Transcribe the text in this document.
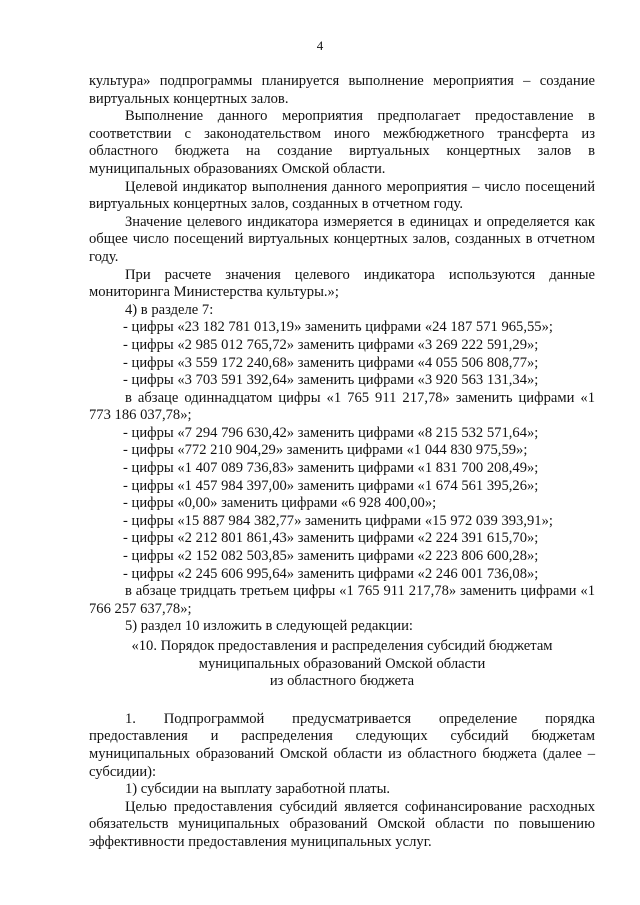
4

культура» подпрограммы планируется выполнение мероприятия – создание виртуальных концертных залов.

Выполнение данного мероприятия предполагает предоставление в соответствии с законодательством иного межбюджетного трансферта из областного бюджета на создание виртуальных концертных залов в муниципальных образованиях Омской области.

Целевой индикатор выполнения данного мероприятия – число посещений виртуальных концертных залов, созданных в отчетном году.

Значение целевого индикатора измеряется в единицах и определяется как общее число посещений виртуальных концертных залов, созданных в отчетном году.

При расчете значения целевого индикатора используются данные мониторинга Министерства культуры.»;

4) в разделе 7:

- цифры «23 182 781 013,19» заменить цифрами «24 187 571 965,55»;

- цифры «2 985 012 765,72» заменить цифрами «3 269 222 591,29»;

- цифры «3 559 172 240,68» заменить цифрами «4 055 506 808,77»;

- цифры «3 703 591 392,64» заменить цифрами «3 920 563 131,34»;

в абзаце одиннадцатом цифры «1 765 911 217,78» заменить цифрами «1 773 186 037,78»;

- цифры «7 294 796 630,42» заменить цифрами «8 215 532 571,64»;

- цифры «772 210 904,29» заменить цифрами «1 044 830 975,59»;

- цифры «1 407 089 736,83» заменить цифрами «1 831 700 208,49»;

- цифры «1 457 984 397,00» заменить цифрами «1 674 561 395,26»;

- цифры «0,00» заменить цифрами «6 928 400,00»;

- цифры «15 887 984 382,77» заменить цифрами «15 972 039 393,91»;

- цифры «2 212 801 861,43» заменить цифрами «2 224 391 615,70»;

- цифры «2 152 082 503,85» заменить цифрами «2 223 806 600,28»;

- цифры «2 245 606 995,64» заменить цифрами «2 246 001 736,08»;

в абзаце тридцать третьем цифры «1 765 911 217,78» заменить цифрами «1 766 257 637,78»;

5) раздел 10 изложить в следующей редакции:

«10. Порядок предоставления и распределения субсидий бюджетам

муниципальных образований Омской области

из областного бюджета

1. Подпрограммой предусматривается определение порядка предоставления и распределения следующих субсидий бюджетам муниципальных образований Омской области из областного бюджета (далее – субсидии):

1) субсидии на выплату заработной платы.

Целью предоставления субсидий является софинансирование расходных обязательств муниципальных образований Омской области по повышению эффективности предоставления муниципальных услуг.
